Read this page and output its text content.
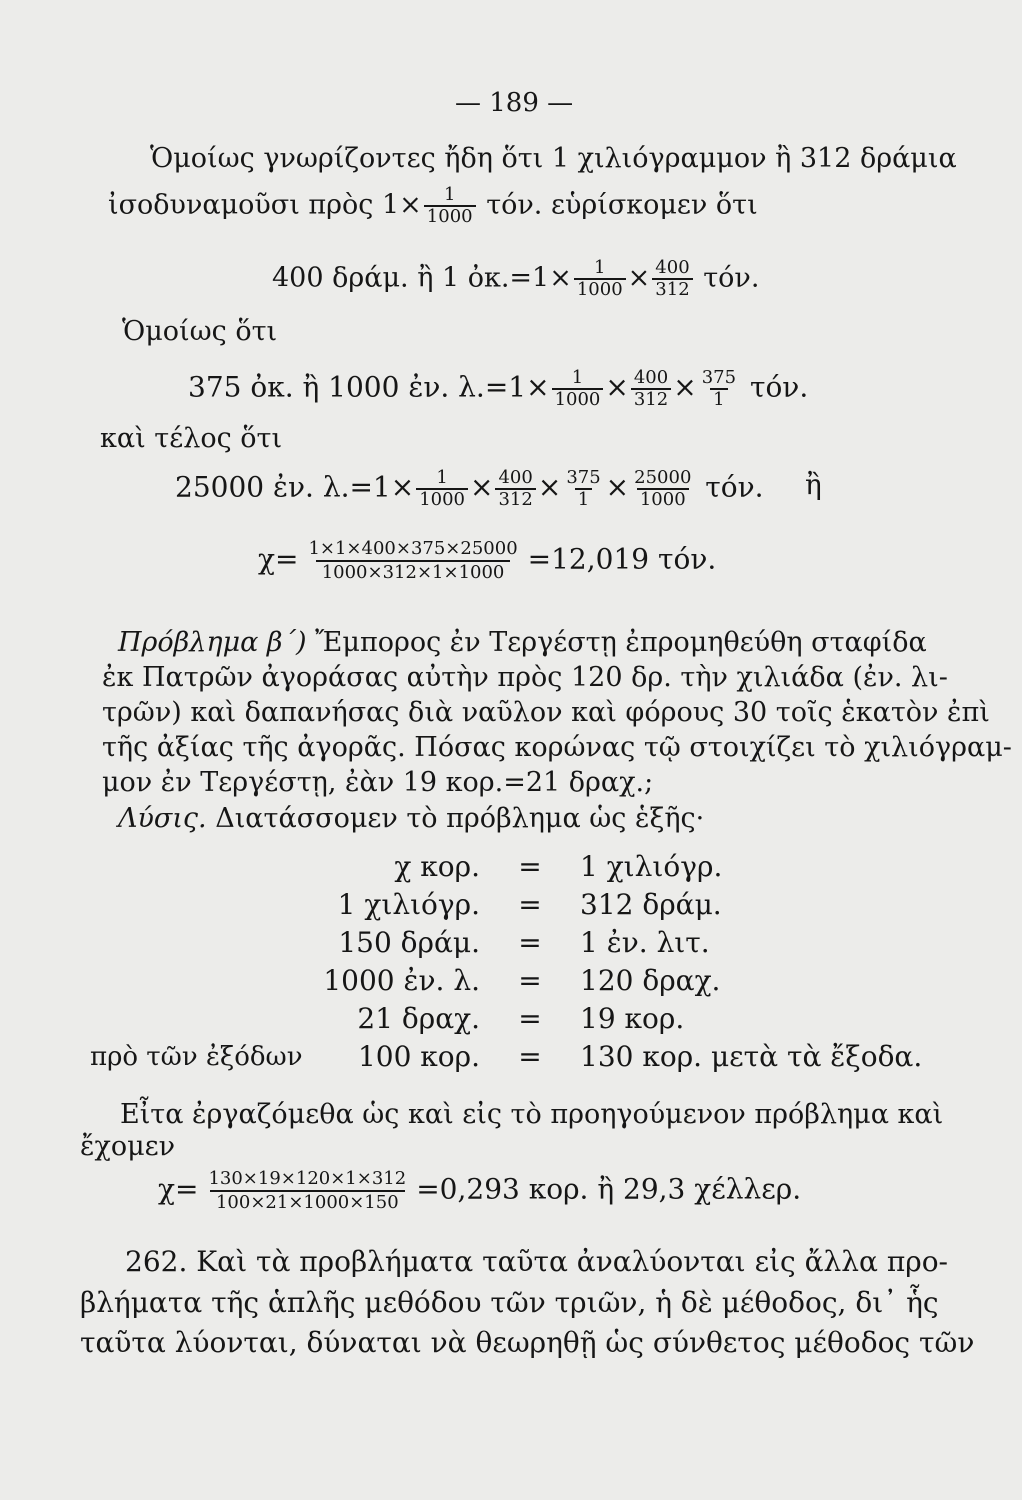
— 189 —
Ὁμοίως γνωρίζοντες ἤδη ὅτι 1 χιλιόγραμμον ἢ 312 δράμια
ἰσοδυναμοῦσι πρὸς $1\times \frac{1}{1000} \tau ό\nu$. εὑρίσκομεν ὅτι
400 δράμ. ἢ 1 ὀκ.=1× $\frac{1}{1000} \times \frac{400}{312} \tau ό\nu$.
Ὁμοίως ὅτι
375 ὀκ. ἢ 1000 ἐν. $\lambda.=1\times \frac{1}{1000} \times \frac{400}{312} \times \frac{375}{1} \tau ό\nu$.
καὶ τέλος ὅτι
25000 ἐν. $\lambda.=1\times \frac{1}{1000} \times \frac{400}{312} \times \frac{375}{1} \times \frac{25000}{1000} \tau ό\nu$.	ἢ
$\chi= \frac{1\times 1\times 400\times 375\times 25000}{1000\times 312\times 1\times 1000} =12,019$ τόν.
Πρόβλημα β΄) Ἔμπορος ἐν Τεργέστῃ ἐπρομηθεύθη σταφίδα
ἐκ Πατρῶν ἀγοράσας αὐτὴν πρὸς 120 δρ. τὴν χιλιάδα (ἐν. λι-
τρῶν) καὶ δαπανήσας διὰ ναῦλον καὶ φόρους 30 τοῖς ἑκατὸν ἐπὶ
τῆς ἀξίας τῆς ἀγορᾶς. Πόσας κορώνας τῷ στοιχίζει τὸ χιλιόγραμ-
μον ἐν Τεργέστῃ, ἐὰν 19 κορ.=21 δραχ.;
Λύσις. Διατάσσομεν τὸ πρόβλημα ὡς ἑξῆς·
	χ κορ.	=	1 χιλιόγρ.
	1 χιλιόγρ.	=	312 δράμ.
	150 δράμ.	=	1 ἐν. λιτ.
	1000 ἐν. λ.	=	120 δραχ.
	21 δραχ.	=	19 κορ.
πρὸ τῶν ἐξόδων	100 κορ.	=	130 κορ. μετὰ τὰ ἔξοδα.
Εἶτα ἐργαζόμεθα ὡς καὶ εἰς τὸ προηγούμενον πρόβλημα καὶ
ἔχομεν
$\chi= \frac{130\times 19\times 120\times 1\times 312}{100\times 21\times 1000\times 150} =0,293$ κορ. ἢ 29,3 χέλλερ.
262. Καὶ τὰ προβλήματα ταῦτα ἀναλύονται εἰς ἄλλα προ-
βλήματα τῆς ἁπλῆς μεθόδου τῶν τριῶν, ἡ δὲ μέθοδος, δι᾽ ἧς
ταῦτα λύονται, δύναται νὰ θεωρηθῇ ὡς σύνθετος μέθοδος τῶν
